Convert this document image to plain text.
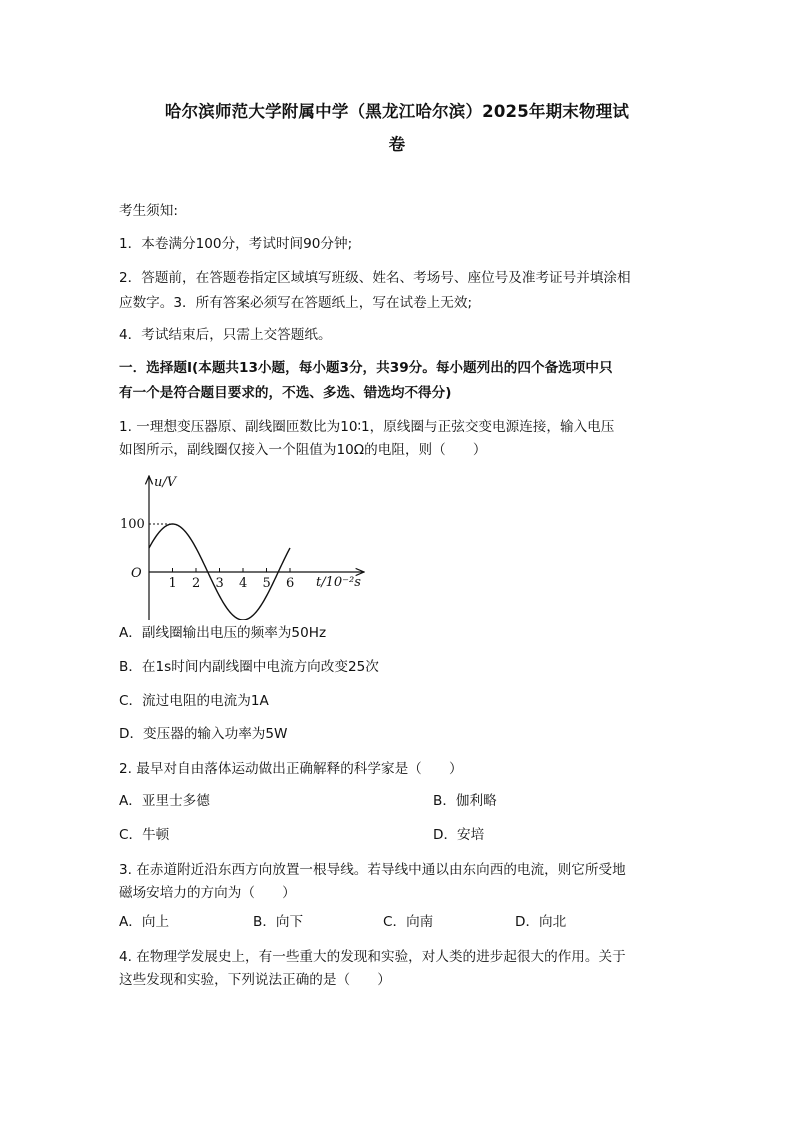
哈尔滨师范大学附属中学（黑龙江哈尔滨）2025年期末物理试
卷
考生须知:
1．本卷满分100分，考试时间90分钟;
2．答题前，在答题卷指定区域填写班级、姓名、考场号、座位号及准考证号并填涂相
应数字。3．所有答案必须写在答题纸上，写在试卷上无效;
4．考试结束后，只需上交答题纸。
一．选择题Ⅰ(本题共13小题，每小题3分，共39分。每小题列出的四个备选项中只
有一个是符合题目要求的，不选、多选、错选均不得分)
1. 一理想变压器原、副线圈匝数比为10∶1，原线圈与正弦交变电源连接，输入电压
如图所示，副线圈仅接入一个阻值为10Ω的电阻，则（　　）
1 2 3 4 5 6
100
O
u/V
t/10⁻²s
A．副线圈输出电压的频率为50Hz
B．在1s时间内副线圈中电流方向改变25次
C．流过电阻的电流为1A
D．变压器的输入功率为5W
2. 最早对自由落体运动做出正确解释的科学家是（　　）
A．亚里士多德	B．伽利略
C．牛顿	D．安培
3. 在赤道附近沿东西方向放置一根导线。若导线中通以由东向西的电流，则它所受地
磁场安培力的方向为（　　）
A．向上	B．向下	C．向南	D．向北
4. 在物理学发展史上，有一些重大的发现和实验，对人类的进步起很大的作用。关于
这些发现和实验，下列说法正确的是（　　）
